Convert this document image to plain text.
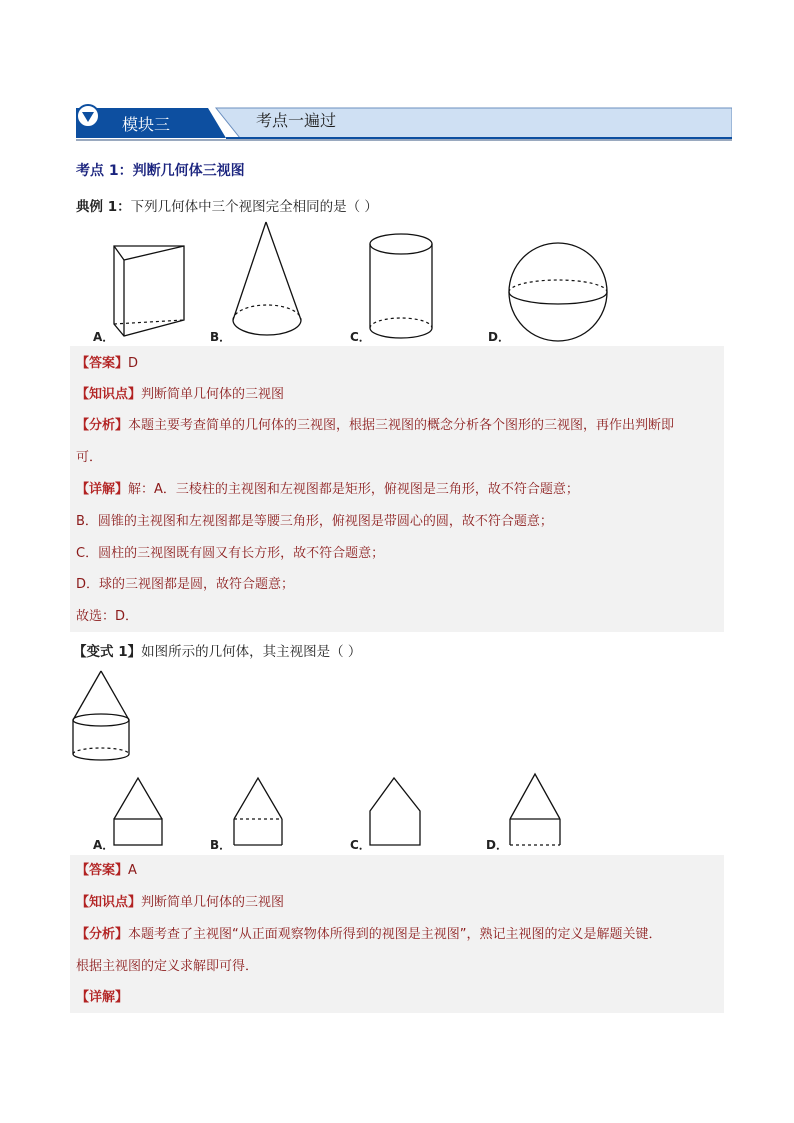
模块三	考点一遍过
考点 1：判断几何体三视图
典例 1：下列几何体中三个视图完全相同的是（ ）
A．	B．	C．	D．
【答案】D
【知识点】判断简单几何体的三视图
【分析】本题主要考查简单的几何体的三视图，根据三视图的概念分析各个图形的三视图，再作出判断即
可．
【详解】解：A．三棱柱的主视图和左视图都是矩形，俯视图是三角形，故不符合题意；
B．圆锥的主视图和左视图都是等腰三角形，俯视图是带圆心的圆，故不符合题意；
C．圆柱的三视图既有圆又有长方形，故不符合题意；
D．球的三视图都是圆，故符合题意；
故选：D．
【变式 1】如图所示的几何体，其主视图是（ ）
A．	B．	C．	D．
【答案】A
【知识点】判断简单几何体的三视图
【分析】本题考查了主视图“从正面观察物体所得到的视图是主视图”，熟记主视图的定义是解题关键．
根据主视图的定义求解即可得．
【详解】
